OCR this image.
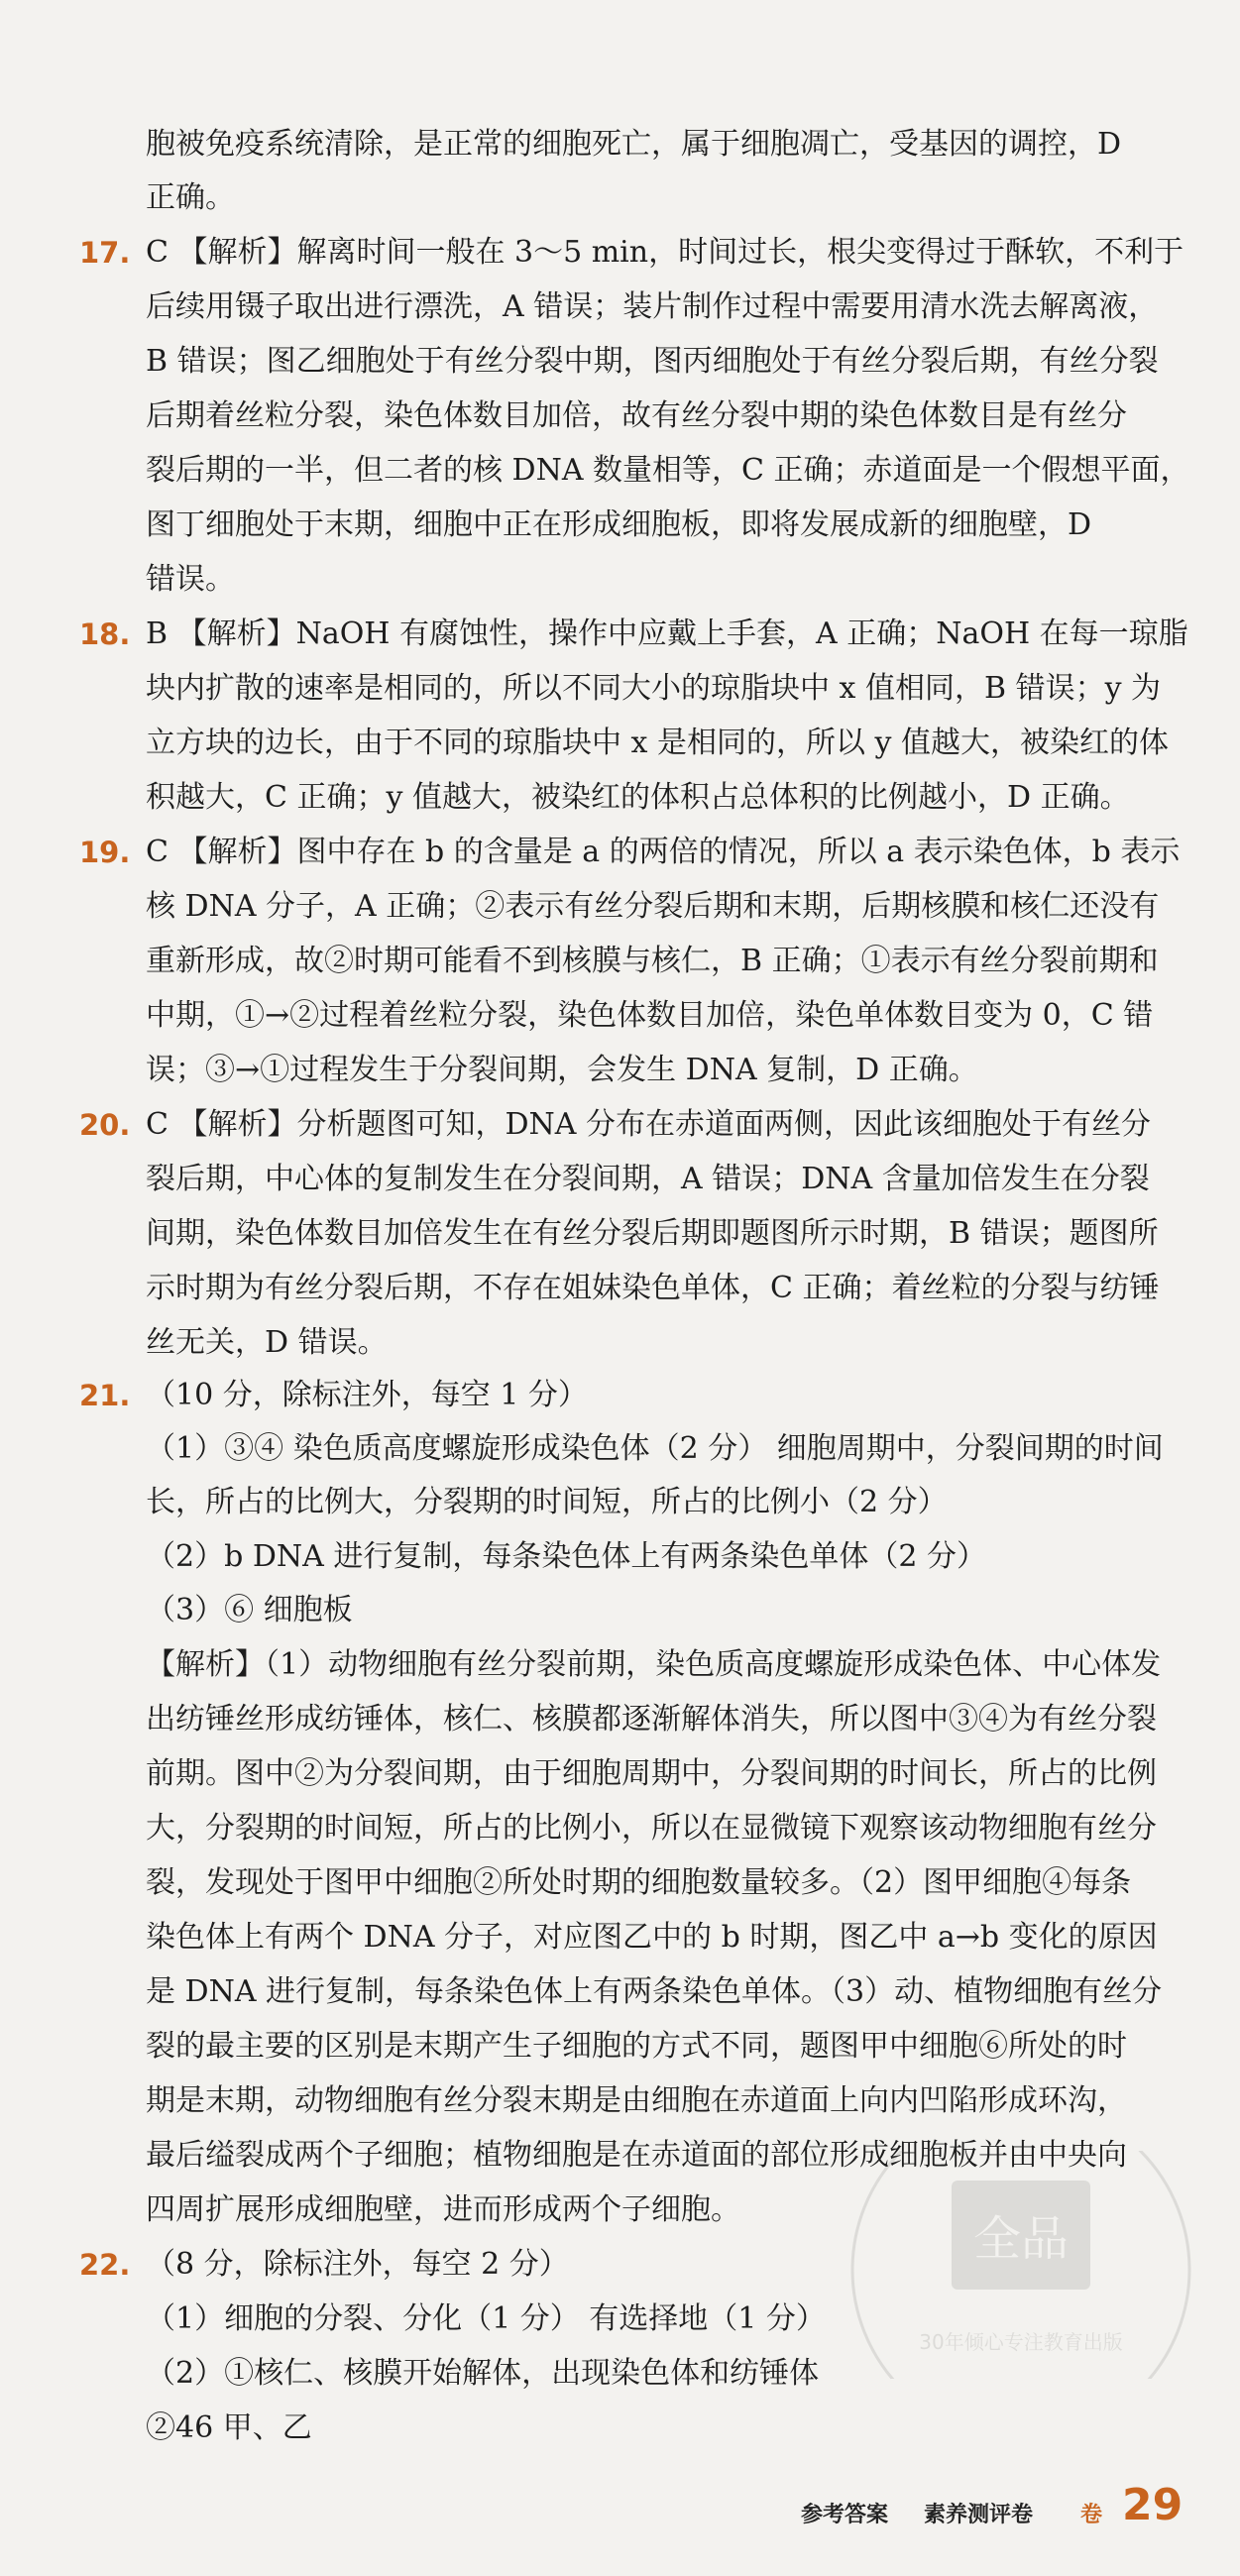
胞被免疫系统清除，是正常的细胞死亡，属于细胞凋亡，受基因的调控，D
正确。
17. C 【解析】解离时间一般在 3～5 min，时间过长，根尖变得过于酥软，不利于
后续用镊子取出进行漂洗，A 错误；装片制作过程中需要用清水洗去解离液，
B 错误；图乙细胞处于有丝分裂中期，图丙细胞处于有丝分裂后期，有丝分裂
后期着丝粒分裂，染色体数目加倍，故有丝分裂中期的染色体数目是有丝分
裂后期的一半，但二者的核 DNA 数量相等，C 正确；赤道面是一个假想平面，
图丁细胞处于末期，细胞中正在形成细胞板，即将发展成新的细胞壁，D
错误。
18. B 【解析】NaOH 有腐蚀性，操作中应戴上手套，A 正确；NaOH 在每一琼脂
块内扩散的速率是相同的，所以不同大小的琼脂块中 x 值相同，B 错误；y 为
立方块的边长，由于不同的琼脂块中 x 是相同的，所以 y 值越大，被染红的体
积越大，C 正确；y 值越大，被染红的体积占总体积的比例越小，D 正确。
19. C 【解析】图中存在 b 的含量是 a 的两倍的情况，所以 a 表示染色体，b 表示
核 DNA 分子，A 正确；②表示有丝分裂后期和末期，后期核膜和核仁还没有
重新形成，故②时期可能看不到核膜与核仁，B 正确；①表示有丝分裂前期和
中期，①→②过程着丝粒分裂，染色体数目加倍，染色单体数目变为 0，C 错
误；③→①过程发生于分裂间期，会发生 DNA 复制，D 正确。
20. C 【解析】分析题图可知，DNA 分布在赤道面两侧，因此该细胞处于有丝分
裂后期，中心体的复制发生在分裂间期，A 错误；DNA 含量加倍发生在分裂
间期，染色体数目加倍发生在有丝分裂后期即题图所示时期，B 错误；题图所
示时期为有丝分裂后期，不存在姐妹染色单体，C 正确；着丝粒的分裂与纺锤
丝无关，D 错误。
21. （10 分，除标注外，每空 1 分）
（1）③④ 染色质高度螺旋形成染色体（2 分） 细胞周期中，分裂间期的时间
长，所占的比例大，分裂期的时间短，所占的比例小（2 分）
（2）b DNA 进行复制，每条染色体上有两条染色单体（2 分）
（3）⑥ 细胞板
【解析】（1）动物细胞有丝分裂前期，染色质高度螺旋形成染色体、中心体发
出纺锤丝形成纺锤体，核仁、核膜都逐渐解体消失，所以图中③④为有丝分裂
前期。图中②为分裂间期，由于细胞周期中，分裂间期的时间长，所占的比例
大，分裂期的时间短，所占的比例小，所以在显微镜下观察该动物细胞有丝分
裂，发现处于图甲中细胞②所处时期的细胞数量较多。（2）图甲细胞④每条
染色体上有两个 DNA 分子，对应图乙中的 b 时期，图乙中 a→b 变化的原因
是 DNA 进行复制，每条染色体上有两条染色单体。（3）动、植物细胞有丝分
裂的最主要的区别是末期产生子细胞的方式不同，题图甲中细胞⑥所处的时
期是末期，动物细胞有丝分裂末期是由细胞在赤道面上向内凹陷形成环沟，
最后缢裂成两个子细胞；植物细胞是在赤道面的部位形成细胞板并由中央向
四周扩展形成细胞壁，进而形成两个子细胞。
22. （8 分，除标注外，每空 2 分）
（1）细胞的分裂、分化（1 分） 有选择地（1 分）
（2）①核仁、核膜开始解体，出现染色体和纺锤体
②46 甲、乙
全品
30年倾心专注教育出版
参考答案 素养测评卷 卷 29
